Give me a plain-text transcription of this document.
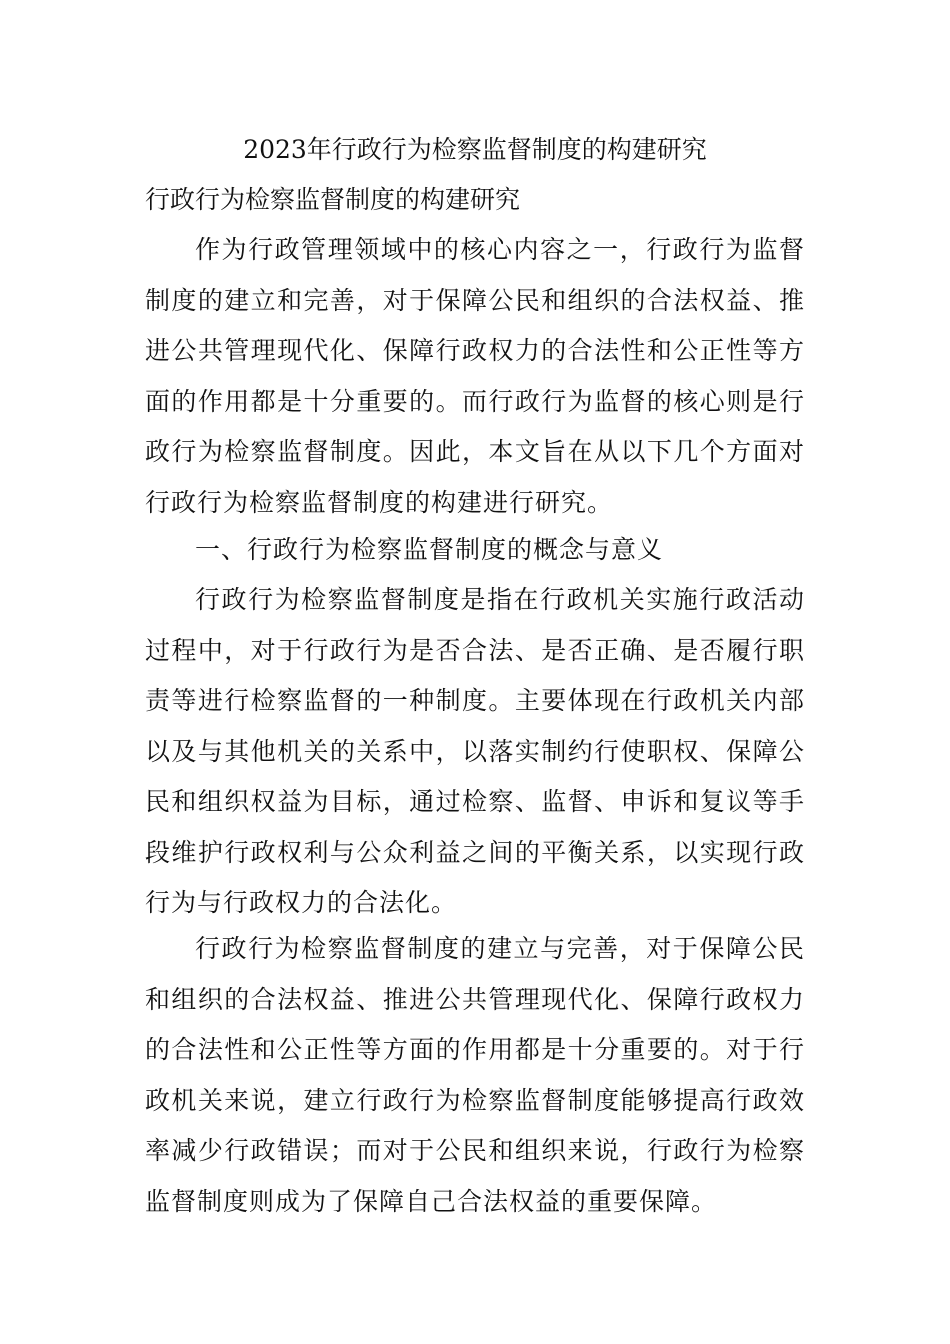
2023年行政行为检察监督制度的构建研究

行政行为检察监督制度的构建研究

作为行政管理领域中的核心内容之一，行政行为监督制度的建立和完善，对于保障公民和组织的合法权益、推进公共管理现代化、保障行政权力的合法性和公正性等方面的作用都是十分重要的。而行政行为监督的核心则是行政行为检察监督制度。因此，本文旨在从以下几个方面对行政行为检察监督制度的构建进行研究。

一、行政行为检察监督制度的概念与意义

行政行为检察监督制度是指在行政机关实施行政活动过程中，对于行政行为是否合法、是否正确、是否履行职责等进行检察监督的一种制度。主要体现在行政机关内部以及与其他机关的关系中，以落实制约行使职权、保障公民和组织权益为目标，通过检察、监督、申诉和复议等手段维护行政权利与公众利益之间的平衡关系，以实现行政行为与行政权力的合法化。

行政行为检察监督制度的建立与完善，对于保障公民和组织的合法权益、推进公共管理现代化、保障行政权力的合法性和公正性等方面的作用都是十分重要的。对于行政机关来说，建立行政行为检察监督制度能够提高行政效率减少行政错误；而对于公民和组织来说，行政行为检察监督制度则成为了保障自己合法权益的重要保障。
